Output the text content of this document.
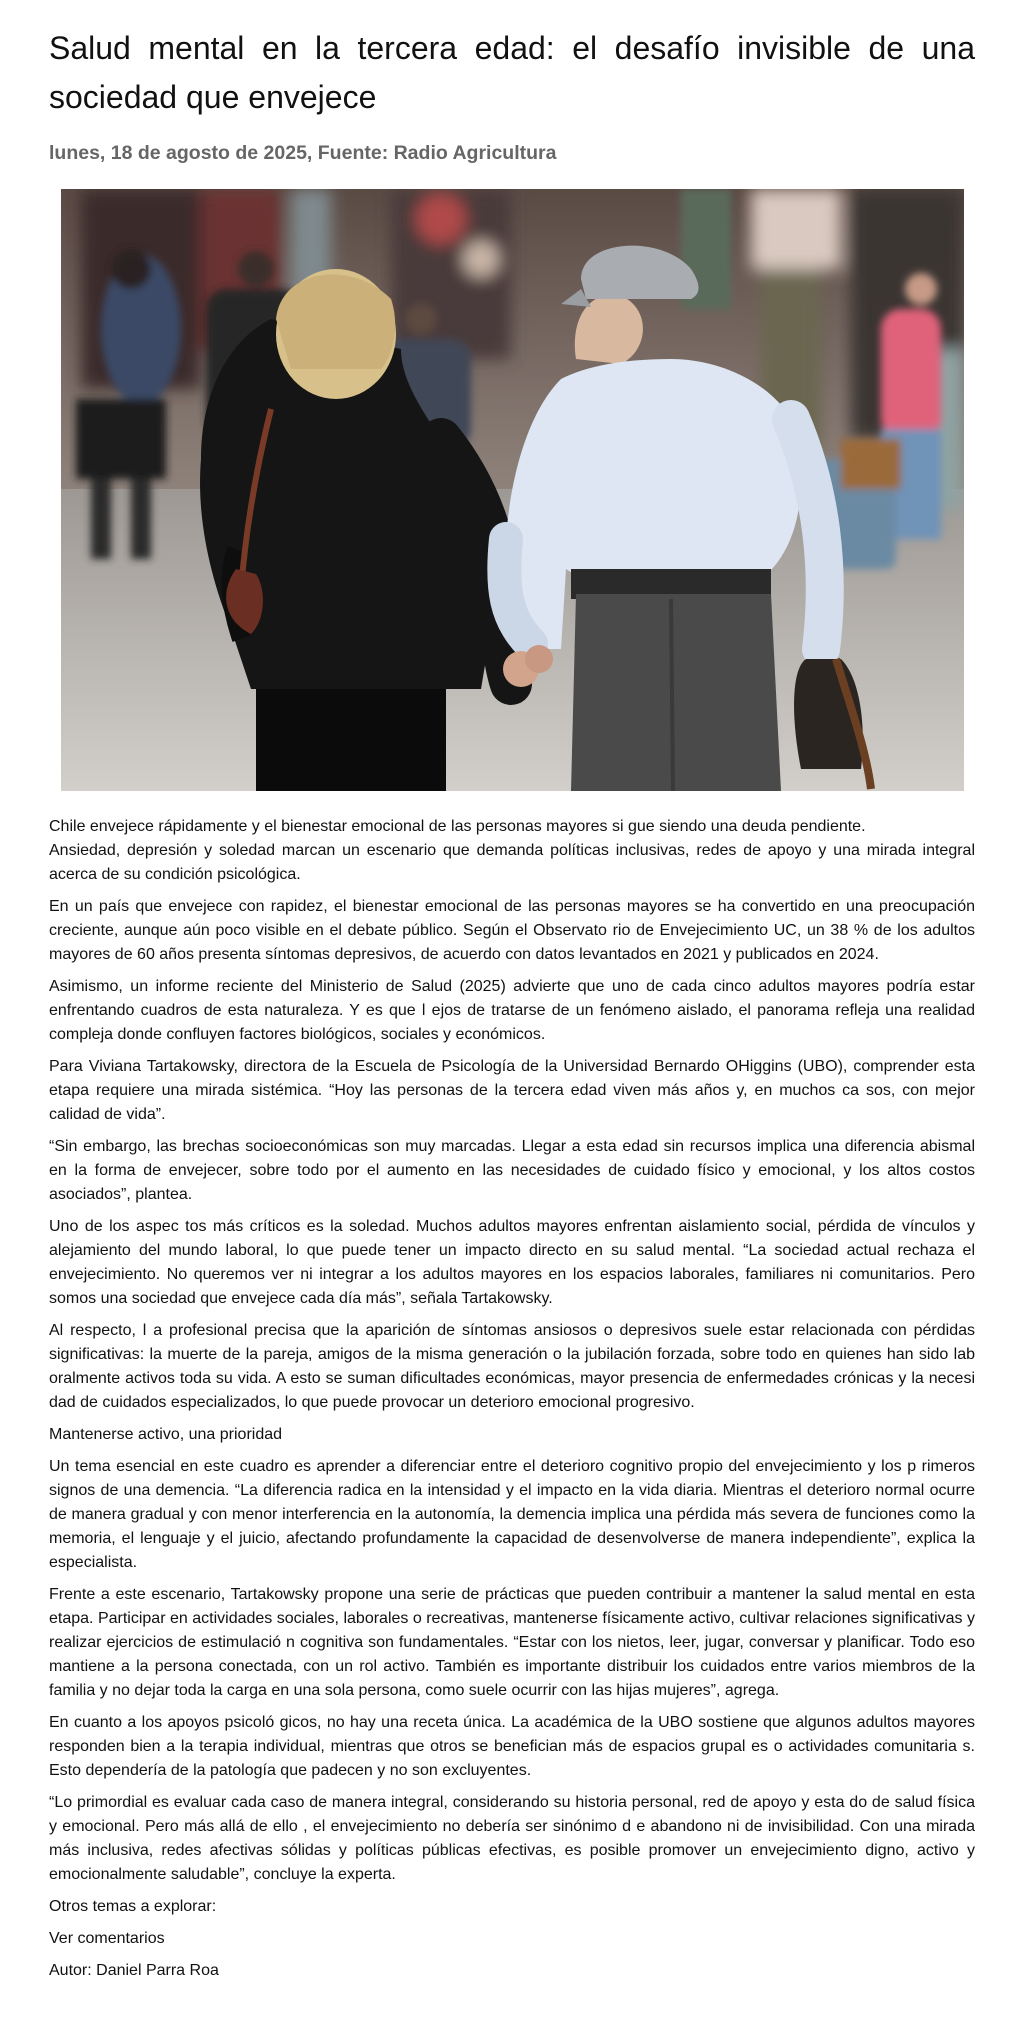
Salud mental en la tercera edad: el desafío invisible de una sociedad que envejece
lunes, 18 de agosto de 2025, Fuente: Radio Agricultura

Chile envejece rápidamente y el bienestar emocional de las personas mayores si gue siendo una deuda pendiente.

Ansiedad, depresión y soledad marcan un escenario que demanda políticas inclusivas, redes de apoyo y una mirada integral acerca de su condición psicológica.

En un país que envejece con rapidez, el bienestar emocional de las personas mayores se ha convertido en una preocupación creciente, aunque aún poco visible en el debate público. Según el Observato rio de Envejecimiento UC, un 38 % de los adultos mayores de 60 años presenta síntomas depresivos, de acuerdo con datos levantados en 2021 y publicados en 2024.

Asimismo, un informe reciente del Ministerio de Salud (2025) advierte que uno de cada cinco adultos mayores podría estar enfrentando cuadros de esta naturaleza. Y es que l ejos de tratarse de un fenómeno aislado, el panorama refleja una realidad compleja donde confluyen factores biológicos, sociales y económicos.

Para Viviana Tartakowsky, directora de la Escuela de Psicología de la Universidad Bernardo OHiggins (UBO), comprender esta etapa requiere una mirada sistémica. “Hoy las personas de la tercera edad viven más años y, en muchos ca sos, con mejor calidad de vida”.

“Sin embargo, las brechas socioeconómicas son muy marcadas. Llegar a esta edad sin recursos implica una diferencia abismal en la forma de envejecer, sobre todo por el aumento en las necesidades de cuidado físico y emocional, y los altos costos asociados”, plantea.

Uno de los aspec tos más críticos es la soledad. Muchos adultos mayores enfrentan aislamiento social, pérdida de vínculos y alejamiento del mundo laboral, lo que puede tener un impacto directo en su salud mental. “La sociedad actual rechaza el envejecimiento. No queremos ver ni integrar a los adultos mayores en los espacios laborales, familiares ni comunitarios. Pero somos una sociedad que envejece cada día más”, señala Tartakowsky.

Al respecto, l a profesional precisa que la aparición de síntomas ansiosos o depresivos suele estar relacionada con pérdidas significativas: la muerte de la pareja, amigos de la misma generación o la jubilación forzada, sobre todo en quienes han sido lab oralmente activos toda su vida. A esto se suman dificultades económicas, mayor presencia de enfermedades crónicas y la necesi dad de cuidados especializados, lo que puede provocar un deterioro emocional progresivo.

Mantenerse activo, una prioridad

Un tema esencial en este cuadro es aprender a diferenciar entre el deterioro cognitivo propio del envejecimiento y los p rimeros signos de una demencia. “La diferencia radica en la intensidad y el impacto en la vida diaria. Mientras el deterioro normal ocurre de manera gradual y con menor interferencia en la autonomía, la demencia implica una pérdida más severa de funciones como la memoria, el lenguaje y el juicio, afectando profundamente la capacidad de desenvolverse de manera independiente”, explica la especialista.

Frente a este escenario, Tartakowsky propone una serie de prácticas que pueden contribuir a mantener la salud mental en esta etapa. Participar en actividades sociales, laborales o recreativas, mantenerse físicamente activo, cultivar relaciones significativas y realizar ejercicios de estimulació n cognitiva son fundamentales. “Estar con los nietos, leer, jugar, conversar y planificar. Todo eso mantiene a la persona conectada, con un rol activo. También es importante distribuir los cuidados entre varios miembros de la familia y no dejar toda la carga en una sola persona, como suele ocurrir con las hijas mujeres”, agrega.

En cuanto a los apoyos psicoló gicos, no hay una receta única. La académica de la UBO sostiene que algunos adultos mayores responden bien a la terapia individual, mientras que otros se benefician más de espacios grupal es o actividades comunitaria s. Esto dependería de la patología que padecen y no son excluyentes.

“Lo primordial es evaluar cada caso de manera integral, considerando su historia personal, red de apoyo y esta do de salud física y emocional. Pero más allá de ello , el envejecimiento no debería ser sinónimo d e abandono ni de invisibilidad. Con una mirada más inclusiva, redes afectivas sólidas y políticas públicas efectivas, es posible promover un envejecimiento digno, activo y emocionalmente saludable”, concluye la experta.

Otros temas a explorar:

Ver comentarios

Autor: Daniel Parra Roa
